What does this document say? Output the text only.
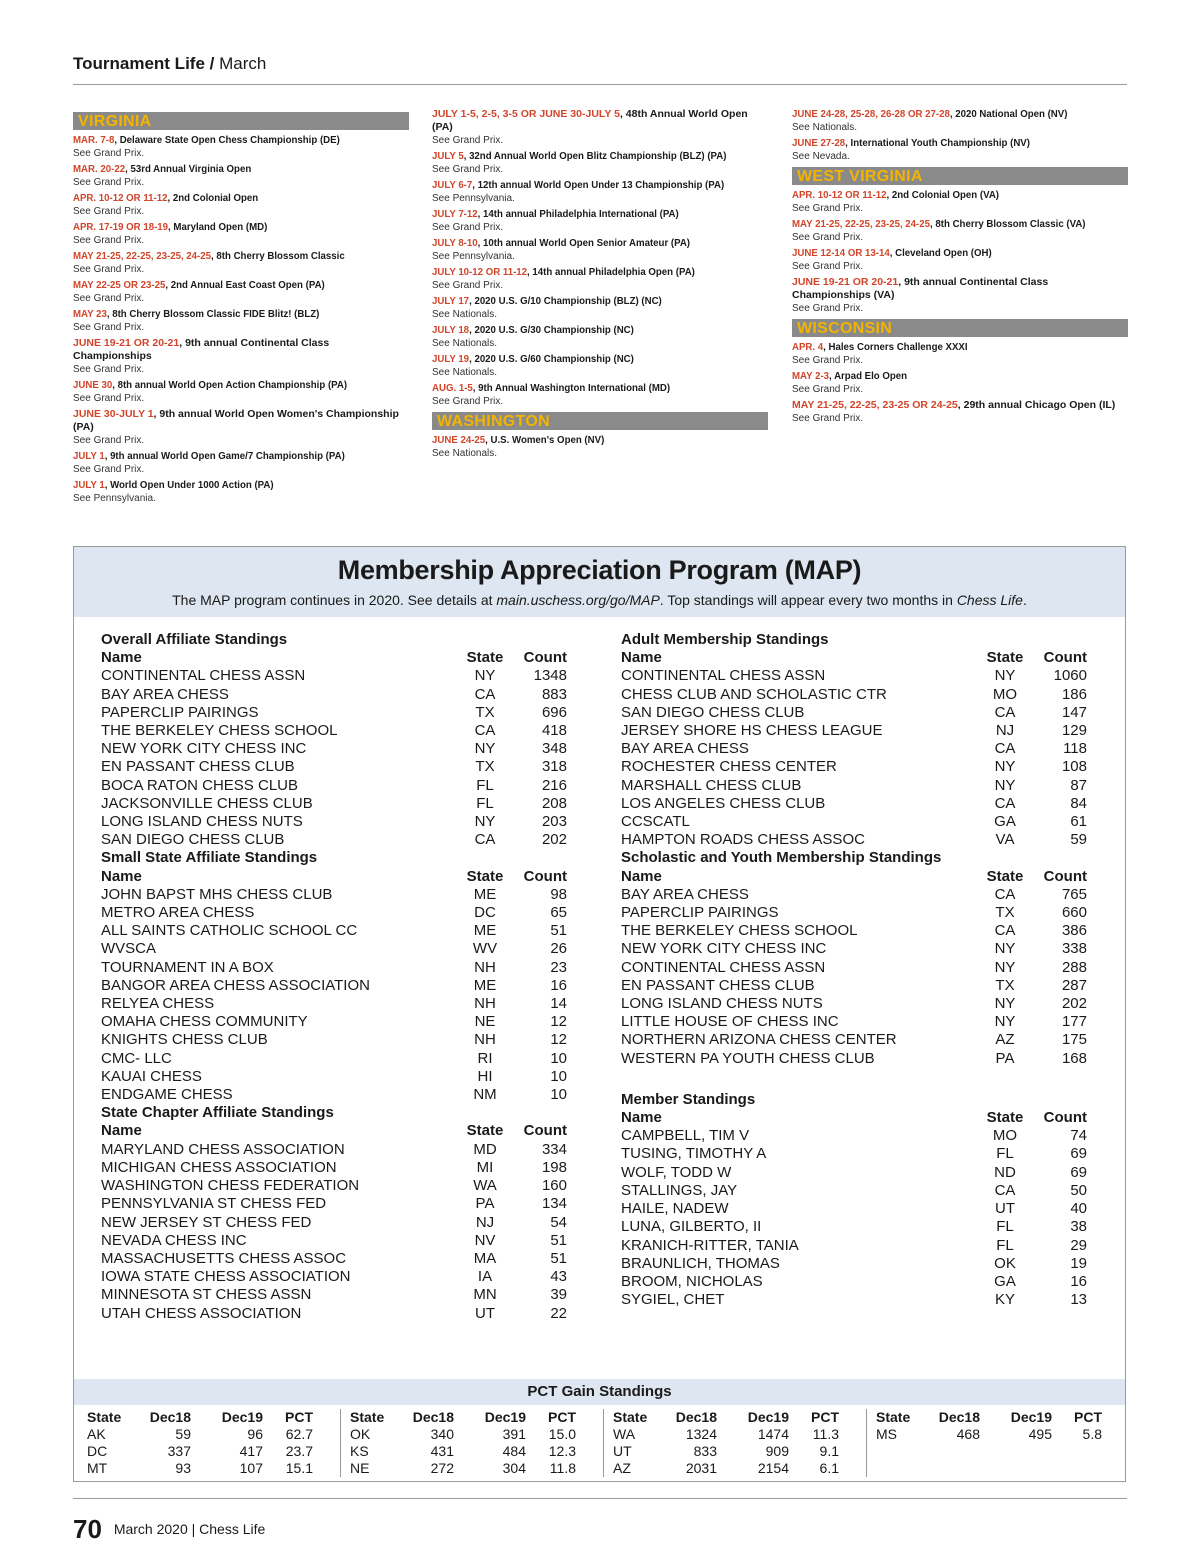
Tournament Life / March
VIRGINIA
MAR. 7-8, Delaware State Open Chess Championship (DE)
See Grand Prix.
MAR. 20-22, 53rd Annual Virginia Open
See Grand Prix.
APR. 10-12 OR 11-12, 2nd Colonial Open
See Grand Prix.
APR. 17-19 OR 18-19, Maryland Open (MD)
See Grand Prix.
MAY 21-25, 22-25, 23-25, 24-25, 8th Cherry Blossom Classic
See Grand Prix.
MAY 22-25 OR 23-25, 2nd Annual East Coast Open (PA)
See Grand Prix.
MAY 23, 8th Cherry Blossom Classic FIDE Blitz! (BLZ)
See Grand Prix.
JUNE 19-21 OR 20-21, 9th annual Continental Class Championships
See Grand Prix.
JUNE 30, 8th annual World Open Action Championship (PA)
See Grand Prix.
JUNE 30-JULY 1, 9th annual World Open Women's Championship (PA)
See Grand Prix.
JULY 1, 9th annual World Open Game/7 Championship (PA)
See Grand Prix.
JULY 1, World Open Under 1000 Action (PA)
See Pennsylvania.
JULY 1-5, 2-5, 3-5 OR JUNE 30-JULY 5, 48th Annual World Open (PA)
See Grand Prix.
JULY 5, 32nd Annual World Open Blitz Championship (BLZ) (PA)
See Grand Prix.
JULY 6-7, 12th annual World Open Under 13 Championship (PA)
See Pennsylvania.
JULY 7-12, 14th annual Philadelphia International (PA)
See Grand Prix.
JULY 8-10, 10th annual World Open Senior Amateur (PA)
See Pennsylvania.
JULY 10-12 OR 11-12, 14th annual Philadelphia Open (PA)
See Grand Prix.
JULY 17, 2020 U.S. G/10 Championship (BLZ) (NC)
See Nationals.
JULY 18, 2020 U.S. G/30 Championship (NC)
See Nationals.
JULY 19, 2020 U.S. G/60 Championship (NC)
See Nationals.
AUG. 1-5, 9th Annual Washington International (MD)
See Grand Prix.
WASHINGTON
JUNE 24-25, U.S. Women's Open (NV)
See Nationals.
JUNE 24-28, 25-28, 26-28 OR 27-28, 2020 National Open (NV)
See Nationals.
JUNE 27-28, International Youth Championship (NV)
See Nevada.
WEST VIRGINIA
APR. 10-12 OR 11-12, 2nd Colonial Open (VA)
See Grand Prix.
MAY 21-25, 22-25, 23-25, 24-25, 8th Cherry Blossom Classic (VA)
See Grand Prix.
JUNE 12-14 OR 13-14, Cleveland Open (OH)
See Grand Prix.
JUNE 19-21 OR 20-21, 9th annual Continental Class Championships (VA)
See Grand Prix.
WISCONSIN
APR. 4, Hales Corners Challenge XXXI
See Grand Prix.
MAY 2-3, Arpad Elo Open
See Grand Prix.
MAY 21-25, 22-25, 23-25 OR 24-25, 29th annual Chicago Open (IL)
See Grand Prix.
Membership Appreciation Program (MAP)
The MAP program continues in 2020. See details at main.uschess.org/go/MAP. Top standings will appear every two months in Chess Life.
Overall Affiliate Standings
Name	State	Count
CONTINENTAL CHESS ASSN	NY	1348
BAY AREA CHESS	CA	883
PAPERCLIP PAIRINGS	TX	696
THE BERKELEY CHESS SCHOOL	CA	418
NEW YORK CITY CHESS INC	NY	348
EN PASSANT CHESS CLUB	TX	318
BOCA RATON CHESS CLUB	FL	216
JACKSONVILLE CHESS CLUB	FL	208
LONG ISLAND CHESS NUTS	NY	203
SAN DIEGO CHESS CLUB	CA	202
Small State Affiliate Standings
Name	State	Count
JOHN BAPST MHS CHESS CLUB	ME	98
METRO AREA CHESS	DC	65
ALL SAINTS CATHOLIC SCHOOL CC	ME	51
WVSCA	WV	26
TOURNAMENT IN A BOX	NH	23
BANGOR AREA CHESS ASSOCIATION	ME	16
RELYEA CHESS	NH	14
OMAHA CHESS COMMUNITY	NE	12
KNIGHTS CHESS CLUB	NH	12
CMC- LLC	RI	10
KAUAI CHESS	HI	10
ENDGAME CHESS	NM	10
State Chapter Affiliate Standings
Name	State	Count
MARYLAND CHESS ASSOCIATION	MD	334
MICHIGAN CHESS ASSOCIATION	MI	198
WASHINGTON CHESS FEDERATION	WA	160
PENNSYLVANIA ST CHESS FED	PA	134
NEW JERSEY ST CHESS FED	NJ	54
NEVADA CHESS INC	NV	51
MASSACHUSETTS CHESS ASSOC	MA	51
IOWA STATE CHESS ASSOCIATION	IA	43
MINNESOTA ST CHESS ASSN	MN	39
UTAH CHESS ASSOCIATION	UT	22
Adult Membership Standings
Name	State	Count
CONTINENTAL CHESS ASSN	NY	1060
CHESS CLUB AND SCHOLASTIC CTR	MO	186
SAN DIEGO CHESS CLUB	CA	147
JERSEY SHORE HS CHESS LEAGUE	NJ	129
BAY AREA CHESS	CA	118
ROCHESTER CHESS CENTER	NY	108
MARSHALL CHESS CLUB	NY	87
LOS ANGELES CHESS CLUB	CA	84
CCSCATL	GA	61
HAMPTON ROADS CHESS ASSOC	VA	59
Scholastic and Youth Membership Standings
Name	State	Count
BAY AREA CHESS	CA	765
PAPERCLIP PAIRINGS	TX	660
THE BERKELEY CHESS SCHOOL	CA	386
NEW YORK CITY CHESS INC	NY	338
CONTINENTAL CHESS ASSN	NY	288
EN PASSANT CHESS CLUB	TX	287
LONG ISLAND CHESS NUTS	NY	202
LITTLE HOUSE OF CHESS INC	NY	177
NORTHERN ARIZONA CHESS CENTER	AZ	175
WESTERN PA YOUTH CHESS CLUB	PA	168
Member Standings
Name	State	Count
CAMPBELL, TIM V	MO	74
TUSING, TIMOTHY A	FL	69
WOLF, TODD W	ND	69
STALLINGS, JAY	CA	50
HAILE, NADEW	UT	40
LUNA, GILBERTO, II	FL	38
KRANICH-RITTER, TANIA	FL	29
BRAUNLICH, THOMAS	OK	19
BROOM, NICHOLAS	GA	16
SYGIEL, CHET	KY	13
PCT Gain Standings
State	Dec18	Dec19	PCT
AK	59	96	62.7
DC	337	417	23.7
MT	93	107	15.1
State	Dec18	Dec19	PCT
OK	340	391	15.0
KS	431	484	12.3
NE	272	304	11.8
State	Dec18	Dec19	PCT
WA	1324	1474	11.3
UT	833	909	9.1
AZ	2031	2154	6.1
State	Dec18	Dec19	PCT
MS	468	495	5.8
70 March 2020 | Chess Life
